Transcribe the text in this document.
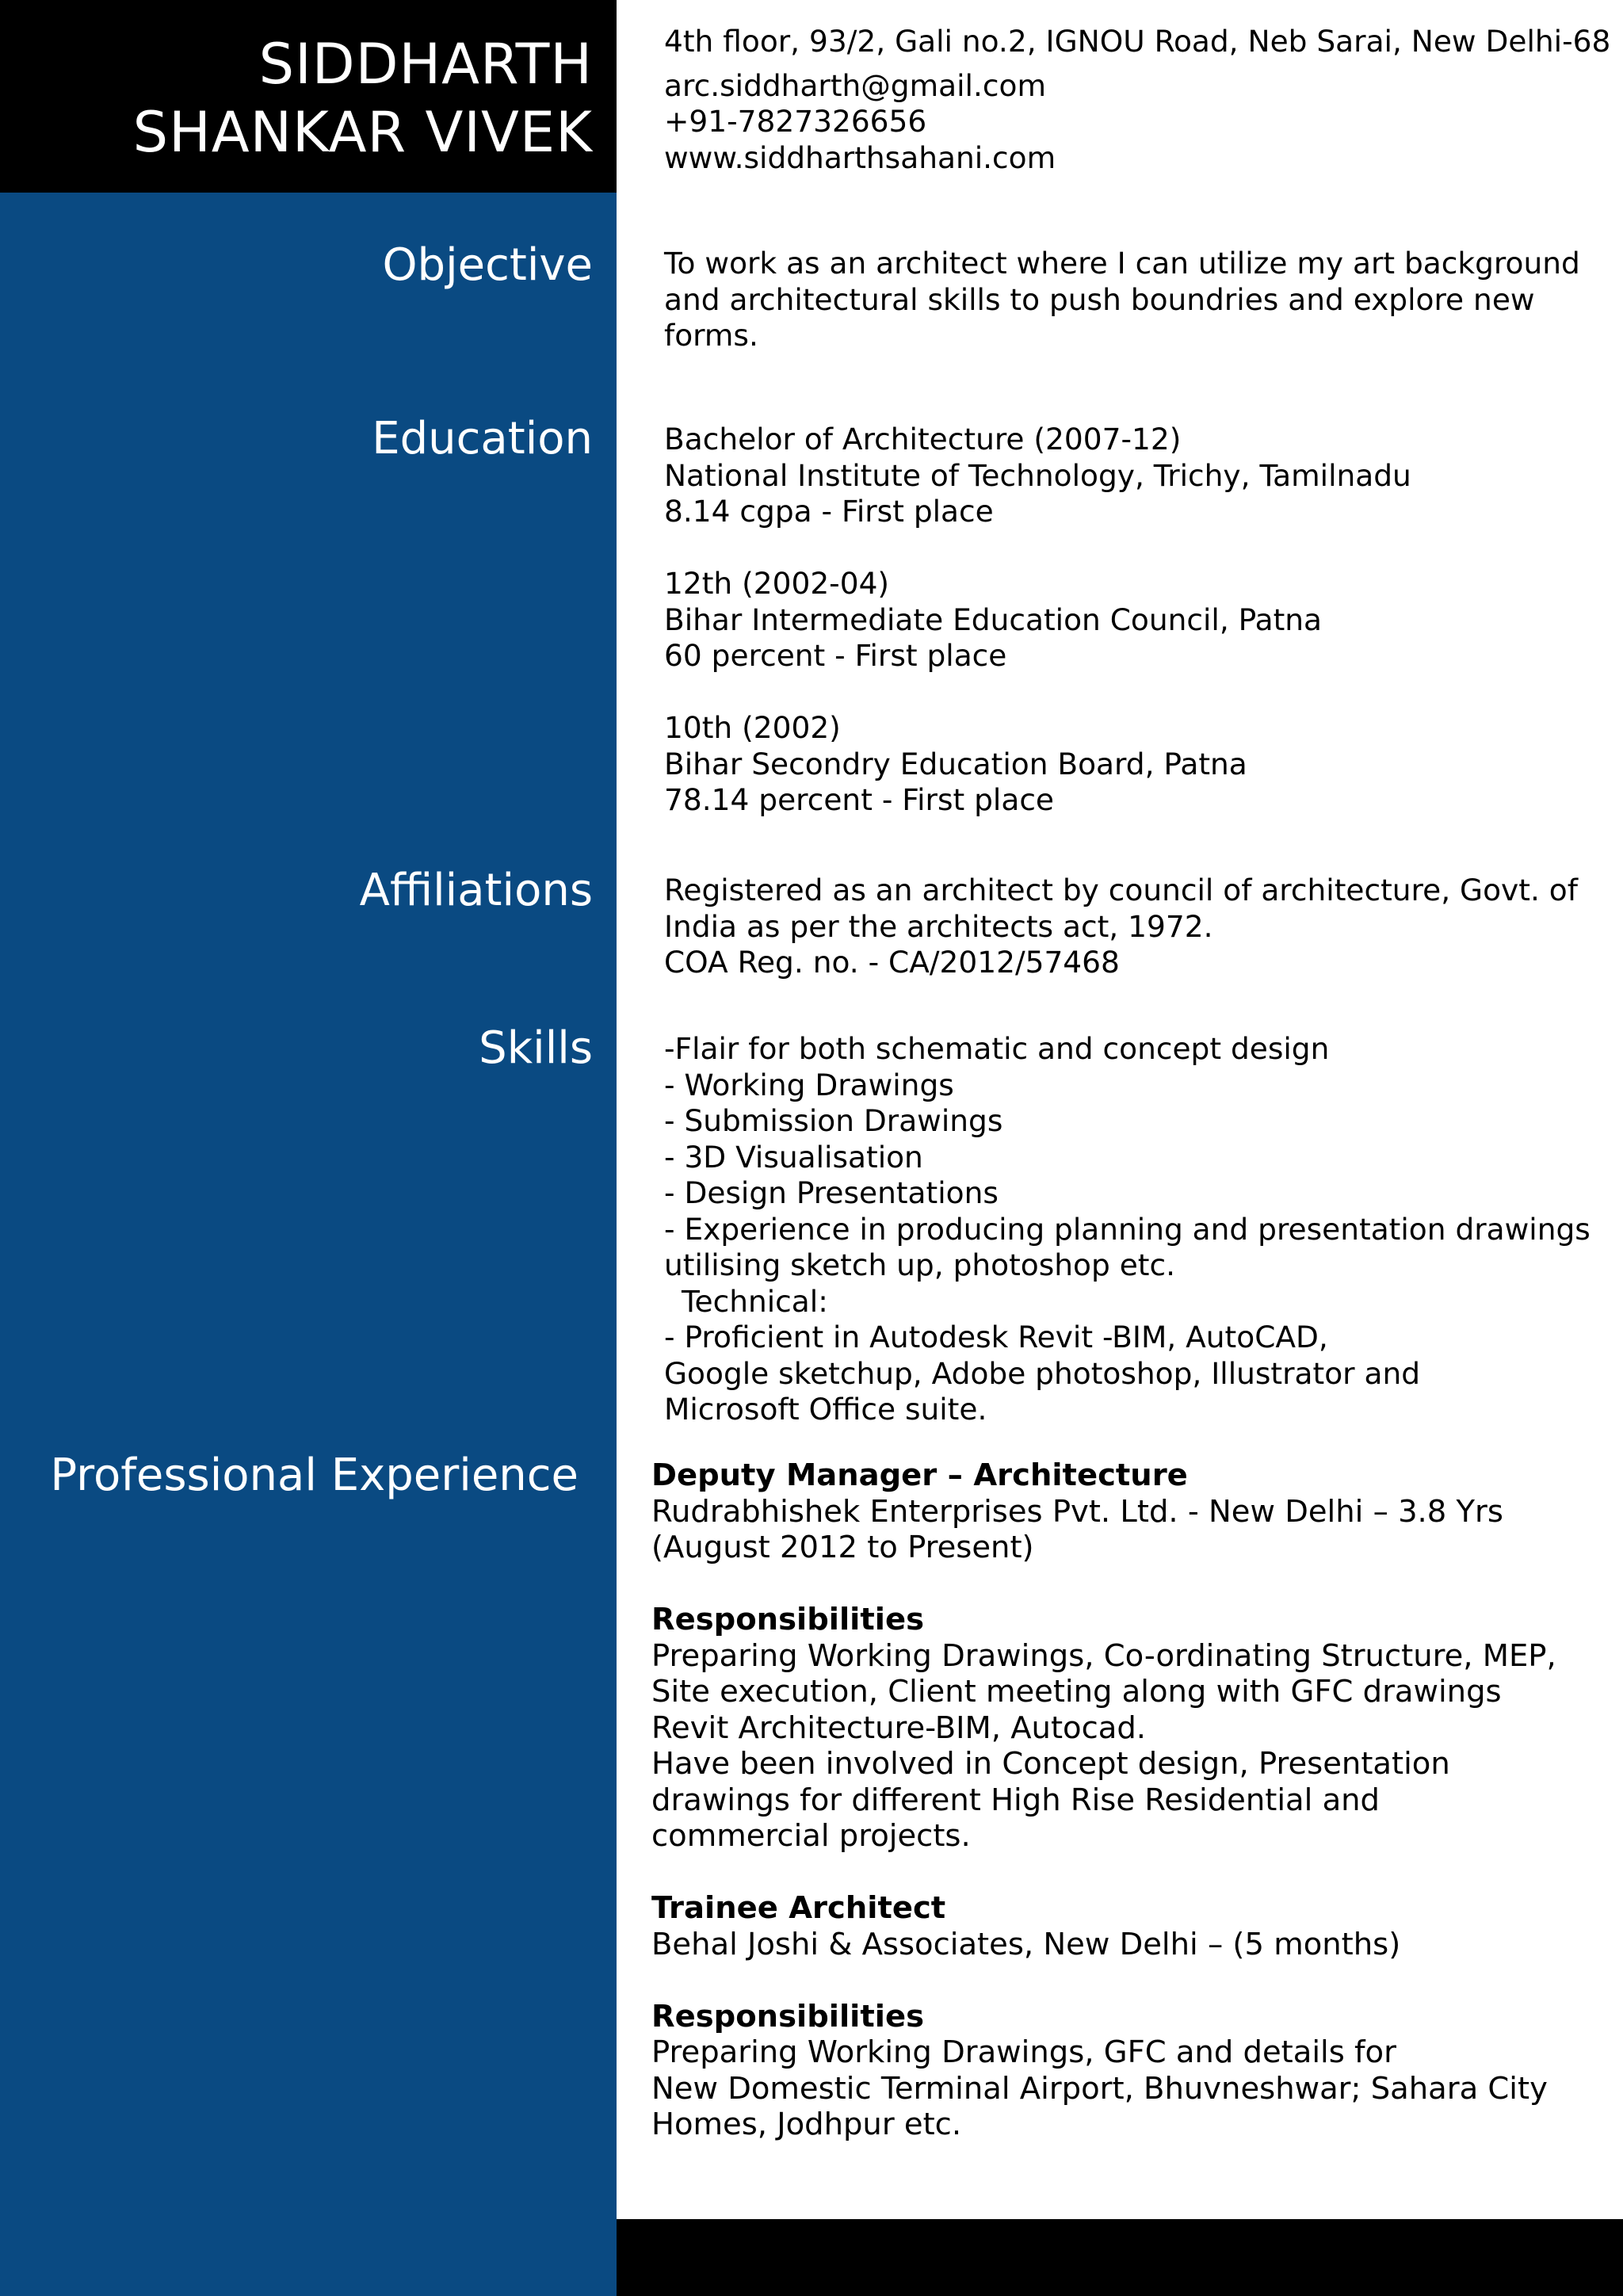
SIDDHARTH
SHANKAR VIVEK
4th floor, 93/2, Gali no.2, IGNOU Road, Neb Sarai, New Delhi-68
arc.siddharth@gmail.com
+91-7827326656
www.siddharthsahani.com
Objective To work as an architect where I can utilize my art background

and architectural skills to push boundries and explore new

forms.

Education Bachelor of Architecture (2007-12)

National Institute of Technology, Trichy, Tamilnadu

8.14 cgpa - First place

12th (2002-04)

Bihar Intermediate Education Council, Patna

60 percent - First place

10th (2002)

Bihar Secondry Education Board, Patna

78.14 percent - First place

Affiliations Registered as an architect by council of architecture, Govt. of

India as per the architects act, 1972.

COA Reg. no. - CA/2012/57468

Skills -Flair for both schematic and concept design

- Working Drawings

- Submission Drawings

- 3D Visualisation

- Design Presentations

- Experience in producing planning and presentation drawings

utilising sketch up, photoshop etc.

Technical:

- Proficient in Autodesk Revit -BIM, AutoCAD,

Google sketchup, Adobe photoshop, Illustrator and

Microsoft Office suite.

Professional Experience Deputy Manager – Architecture

Rudrabhishek Enterprises Pvt. Ltd. - New Delhi – 3.8 Yrs

(August 2012 to Present)

Responsibilities

Preparing Working Drawings, Co-ordinating Structure, MEP,

Site execution, Client meeting along with GFC drawings

Revit Architecture-BIM, Autocad.

Have been involved in Concept design, Presentation

drawings for different High Rise Residential and

commercial projects.

Trainee Architect

Behal Joshi & Associates, New Delhi – (5 months)

Responsibilities

Preparing Working Drawings, GFC and details for

New Domestic Terminal Airport, Bhuvneshwar; Sahara City

Homes, Jodhpur etc.
